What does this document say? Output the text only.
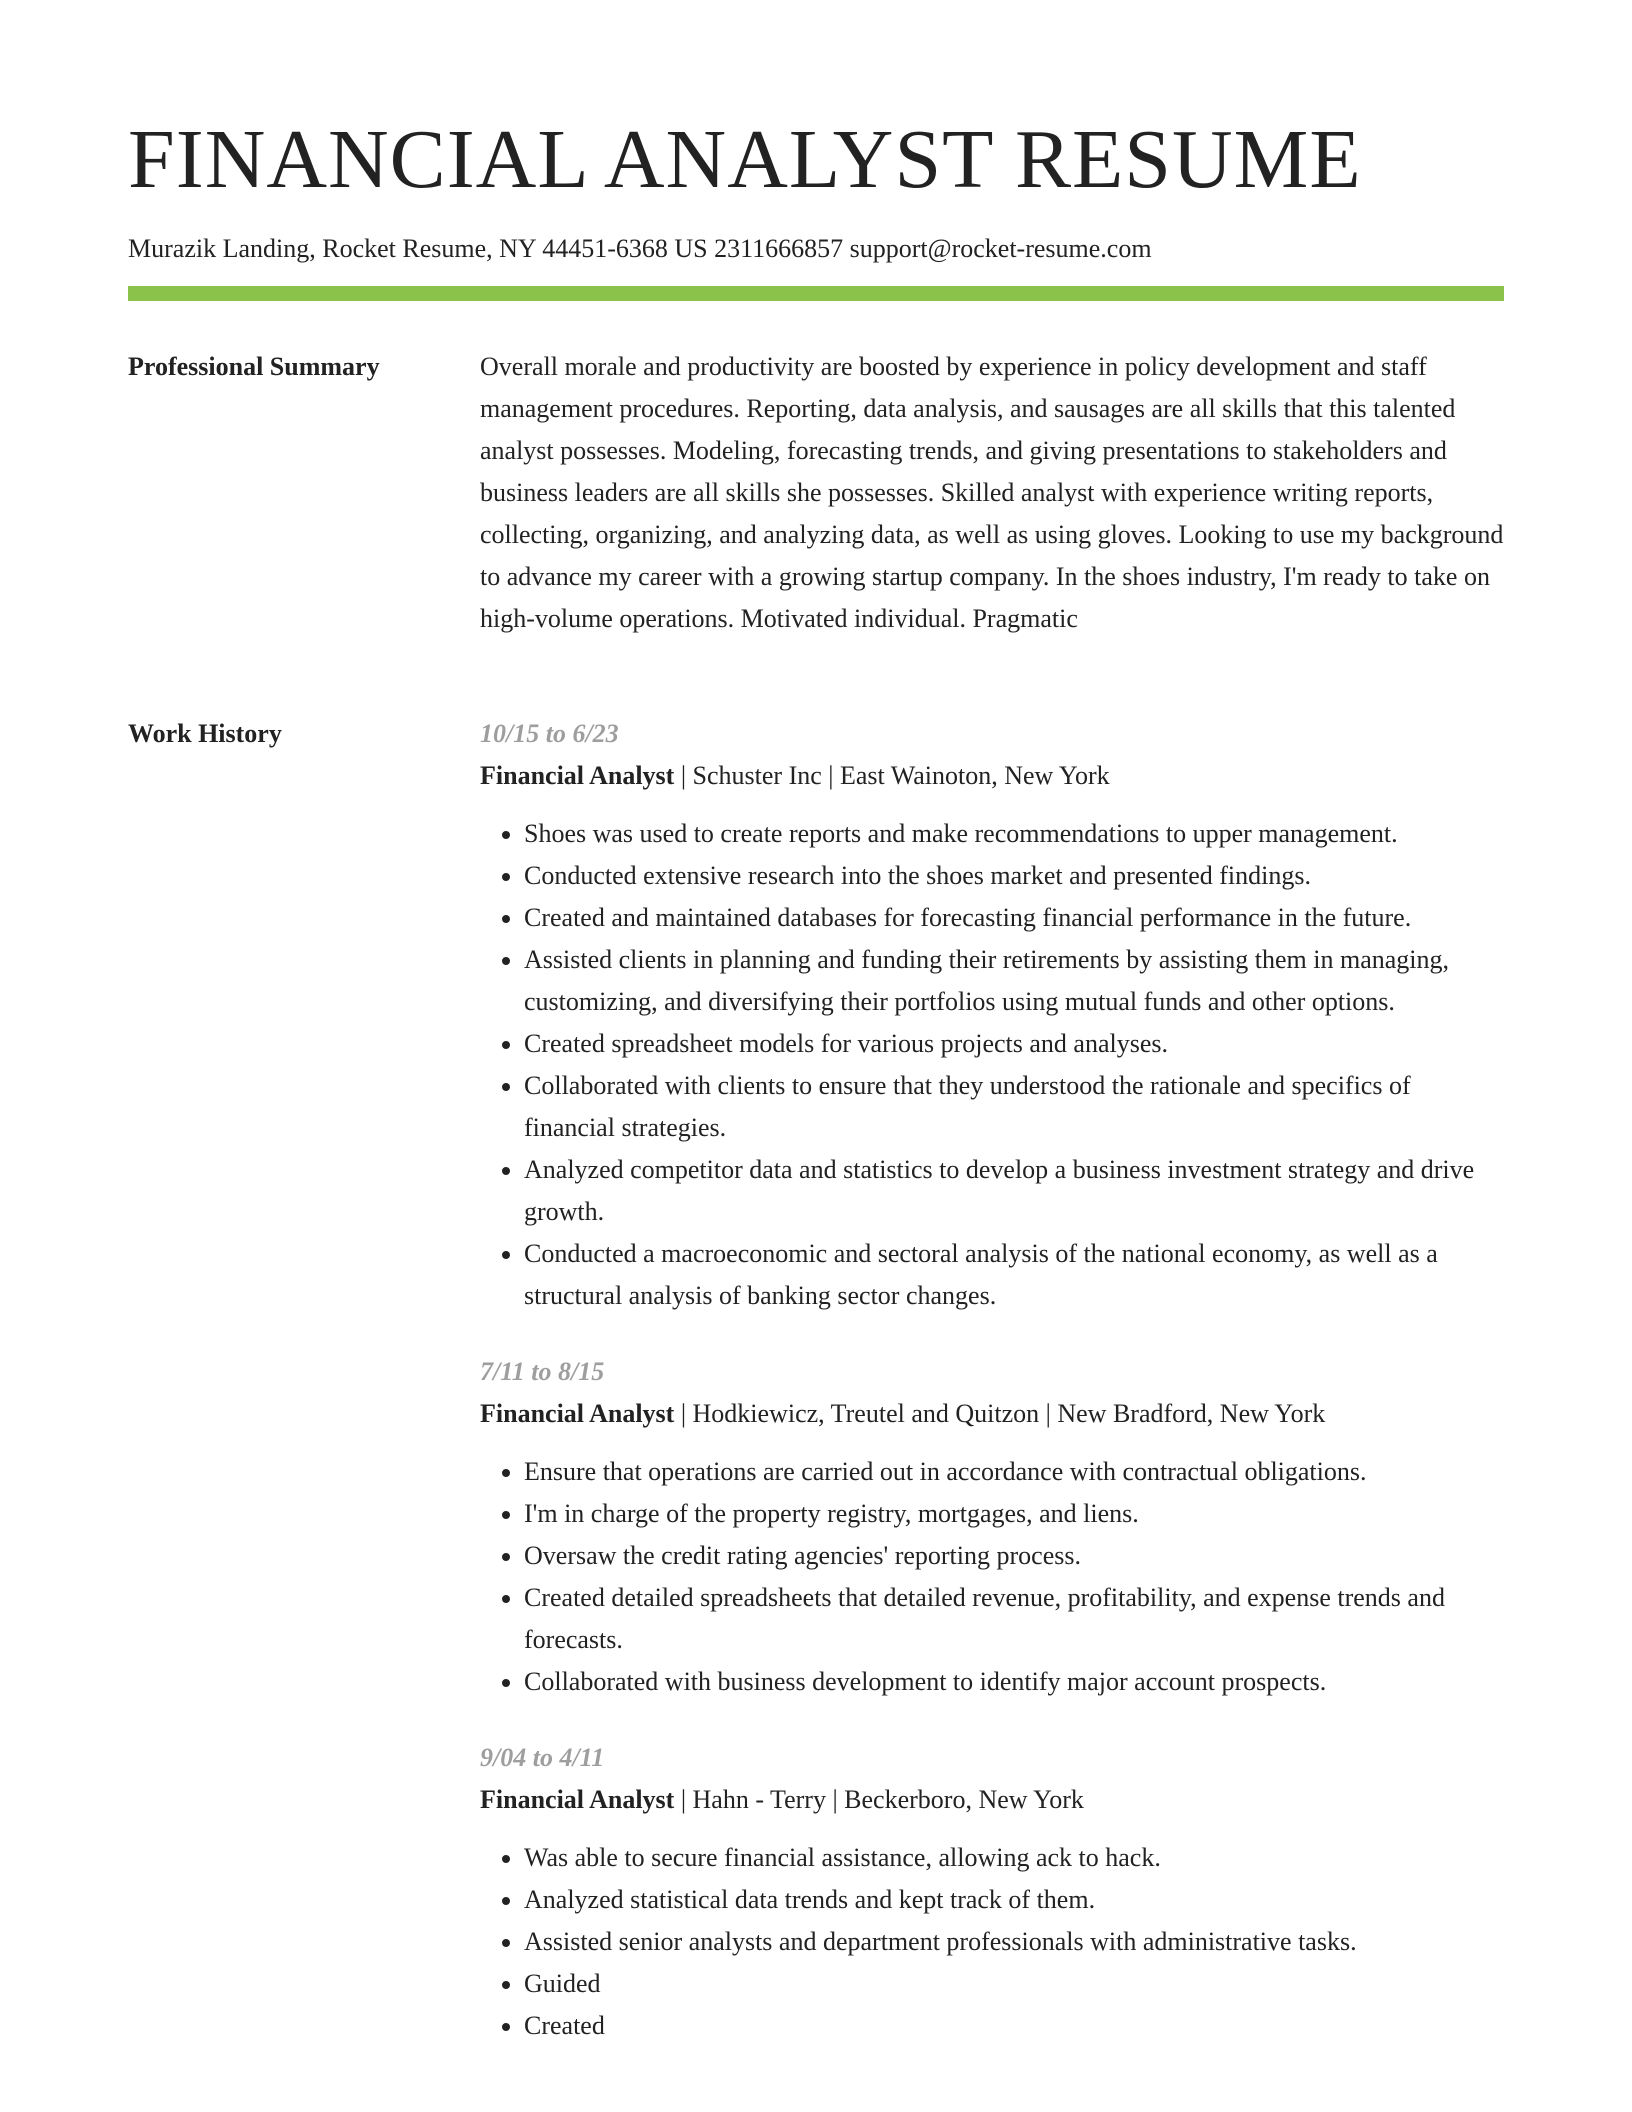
FINANCIAL ANALYST RESUME
Murazik Landing, Rocket Resume, NY 44451-6368 US 2311666857 support@rocket-resume.com
Professional Summary	Overall morale and productivity are boosted by experience in policy development and staff management procedures. Reporting, data analysis, and sausages are all skills that this talented analyst possesses. Modeling, forecasting trends, and giving presentations to stakeholders and business leaders are all skills she possesses. Skilled analyst with experience writing reports, collecting, organizing, and analyzing data, as well as using gloves. Looking to use my background to advance my career with a growing startup company. In the shoes industry, I'm ready to take on high-volume operations. Motivated individual. Pragmatic

Work History	10/15 to 6/23
Financial Analyst | Schuster Inc | East Wainoton, New York
• Shoes was used to create reports and make recommendations to upper management.
• Conducted extensive research into the shoes market and presented findings.
• Created and maintained databases for forecasting financial performance in the future.
• Assisted clients in planning and funding their retirements by assisting them in managing, customizing, and diversifying their portfolios using mutual funds and other options.
• Created spreadsheet models for various projects and analyses.
• Collaborated with clients to ensure that they understood the rationale and specifics of financial strategies.
• Analyzed competitor data and statistics to develop a business investment strategy and drive growth.
• Conducted a macroeconomic and sectoral analysis of the national economy, as well as a structural analysis of banking sector changes.
7/11 to 8/15
Financial Analyst | Hodkiewicz, Treutel and Quitzon | New Bradford, New York
• Ensure that operations are carried out in accordance with contractual obligations.
• I'm in charge of the property registry, mortgages, and liens.
• Oversaw the credit rating agencies' reporting process.
• Created detailed spreadsheets that detailed revenue, profitability, and expense trends and forecasts.
• Collaborated with business development to identify major account prospects.
9/04 to 4/11
Financial Analyst | Hahn - Terry | Beckerboro, New York
• Was able to secure financial assistance, allowing ack to hack.
• Analyzed statistical data trends and kept track of them.
• Assisted senior analysts and department professionals with administrative tasks.
• Guided
• Created
